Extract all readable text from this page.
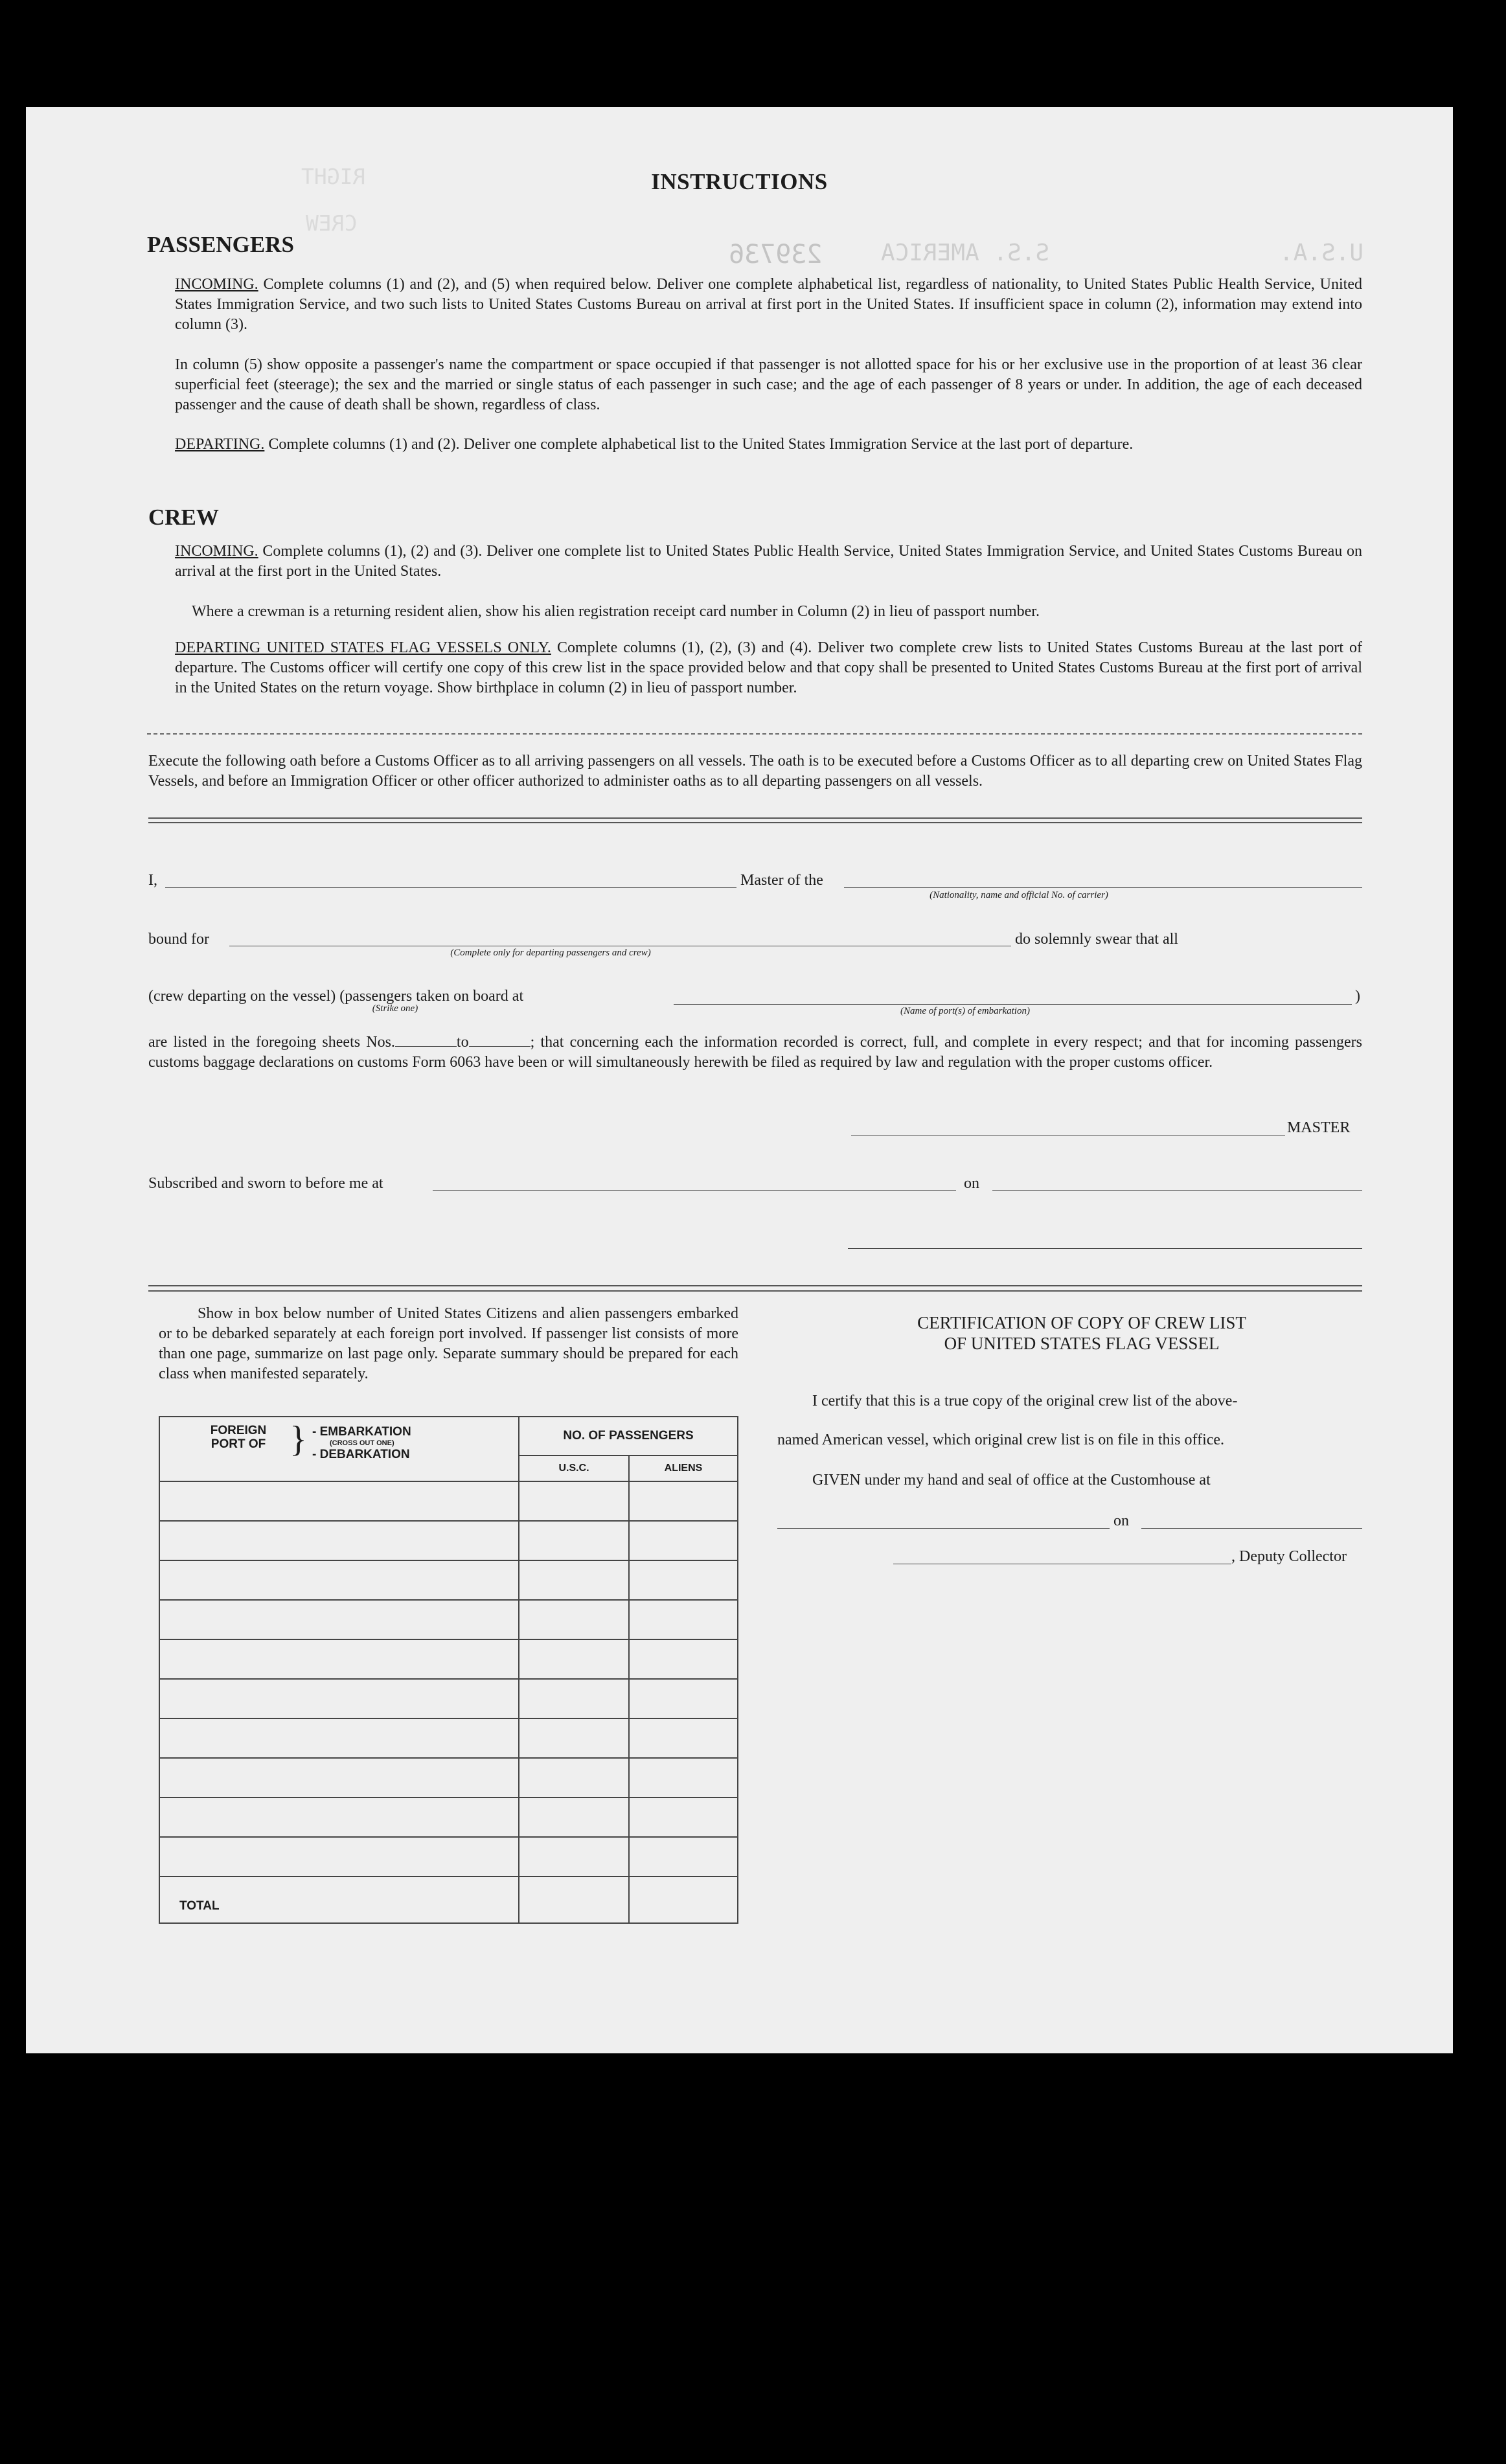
RIGHT
CREW
239736	S.S. AMERICA	U.S.A.
INSTRUCTIONS
PASSENGERS
INCOMING. Complete columns (1) and (2), and (5) when required below. Deliver one complete alphabetical list, regardless of nationality, to United States Public Health Service, United States Immigration Service, and two such lists to United States Customs Bureau on arrival at first port in the United States. If insufficient space in column (2), information may extend into column (3).
In column (5) show opposite a passenger's name the compartment or space occupied if that passenger is not allotted space for his or her exclusive use in the proportion of at least 36 clear superficial feet (steerage); the sex and the married or single status of each passenger in such case; and the age of each passenger of 8 years or under. In addition, the age of each deceased passenger and the cause of death shall be shown, regardless of class.
DEPARTING. Complete columns (1) and (2). Deliver one complete alphabetical list to the United States Immigration Service at the last port of departure.
CREW
INCOMING. Complete columns (1), (2) and (3). Deliver one complete list to United States Public Health Service, United States Immigration Service, and United States Customs Bureau on arrival at the first port in the United States.
Where a crewman is a returning resident alien, show his alien registration receipt card number in Column (2) in lieu of passport number.
DEPARTING UNITED STATES FLAG VESSELS ONLY. Complete columns (1), (2), (3) and (4). Deliver two complete crew lists to United States Customs Bureau at the last port of departure. The Customs officer will certify one copy of this crew list in the space provided below and that copy shall be presented to United States Customs Bureau at the first port of arrival in the United States on the return voyage. Show birthplace in column (2) in lieu of passport number.
Execute the following oath before a Customs Officer as to all arriving passengers on all vessels. The oath is to be executed before a Customs Officer as to all departing crew on United States Flag Vessels, and before an Immigration Officer or other officer authorized to administer oaths as to all departing passengers on all vessels.
I,	Master of the
(Nationality, name and official No. of carrier)
bound for
(Complete only for departing passengers and crew)
do solemnly swear that all
(crew departing on the vessel) (passengers taken on board at
(Strike one)	(Name of port(s) of embarkation)
)
are listed in the foregoing sheets Nos.	to	; that concerning each the information recorded is correct, full, and complete in every respect; and that for incoming passengers customs baggage declarations on customs Form 6063 have been or will simultaneously herewith be filed as required by law and regulation with the proper customs officer.
MASTER
Subscribed and sworn to before me at	on
Show in box below number of United States Citizens and alien passengers embarked or to be debarked separately at each foreign port involved. If passenger list consists of more than one page, summarize on last page only. Separate summary should be prepared for each class when manifested separately.
FOREIGN PORT OF } - EMBARKATION
(CROSS OUT ONE)
- DEBARKATION	NO. OF PASSENGERS	
	U.S.C.	ALIENS

TOTAL		

CERTIFICATION OF COPY OF CREW LIST
OF UNITED STATES FLAG VESSEL
I certify that this is a true copy of the original crew list of the above-
named American vessel, which original crew list is on file in this office.
GIVEN under my hand and seal of office at the Customhouse at
on
, Deputy Collector
